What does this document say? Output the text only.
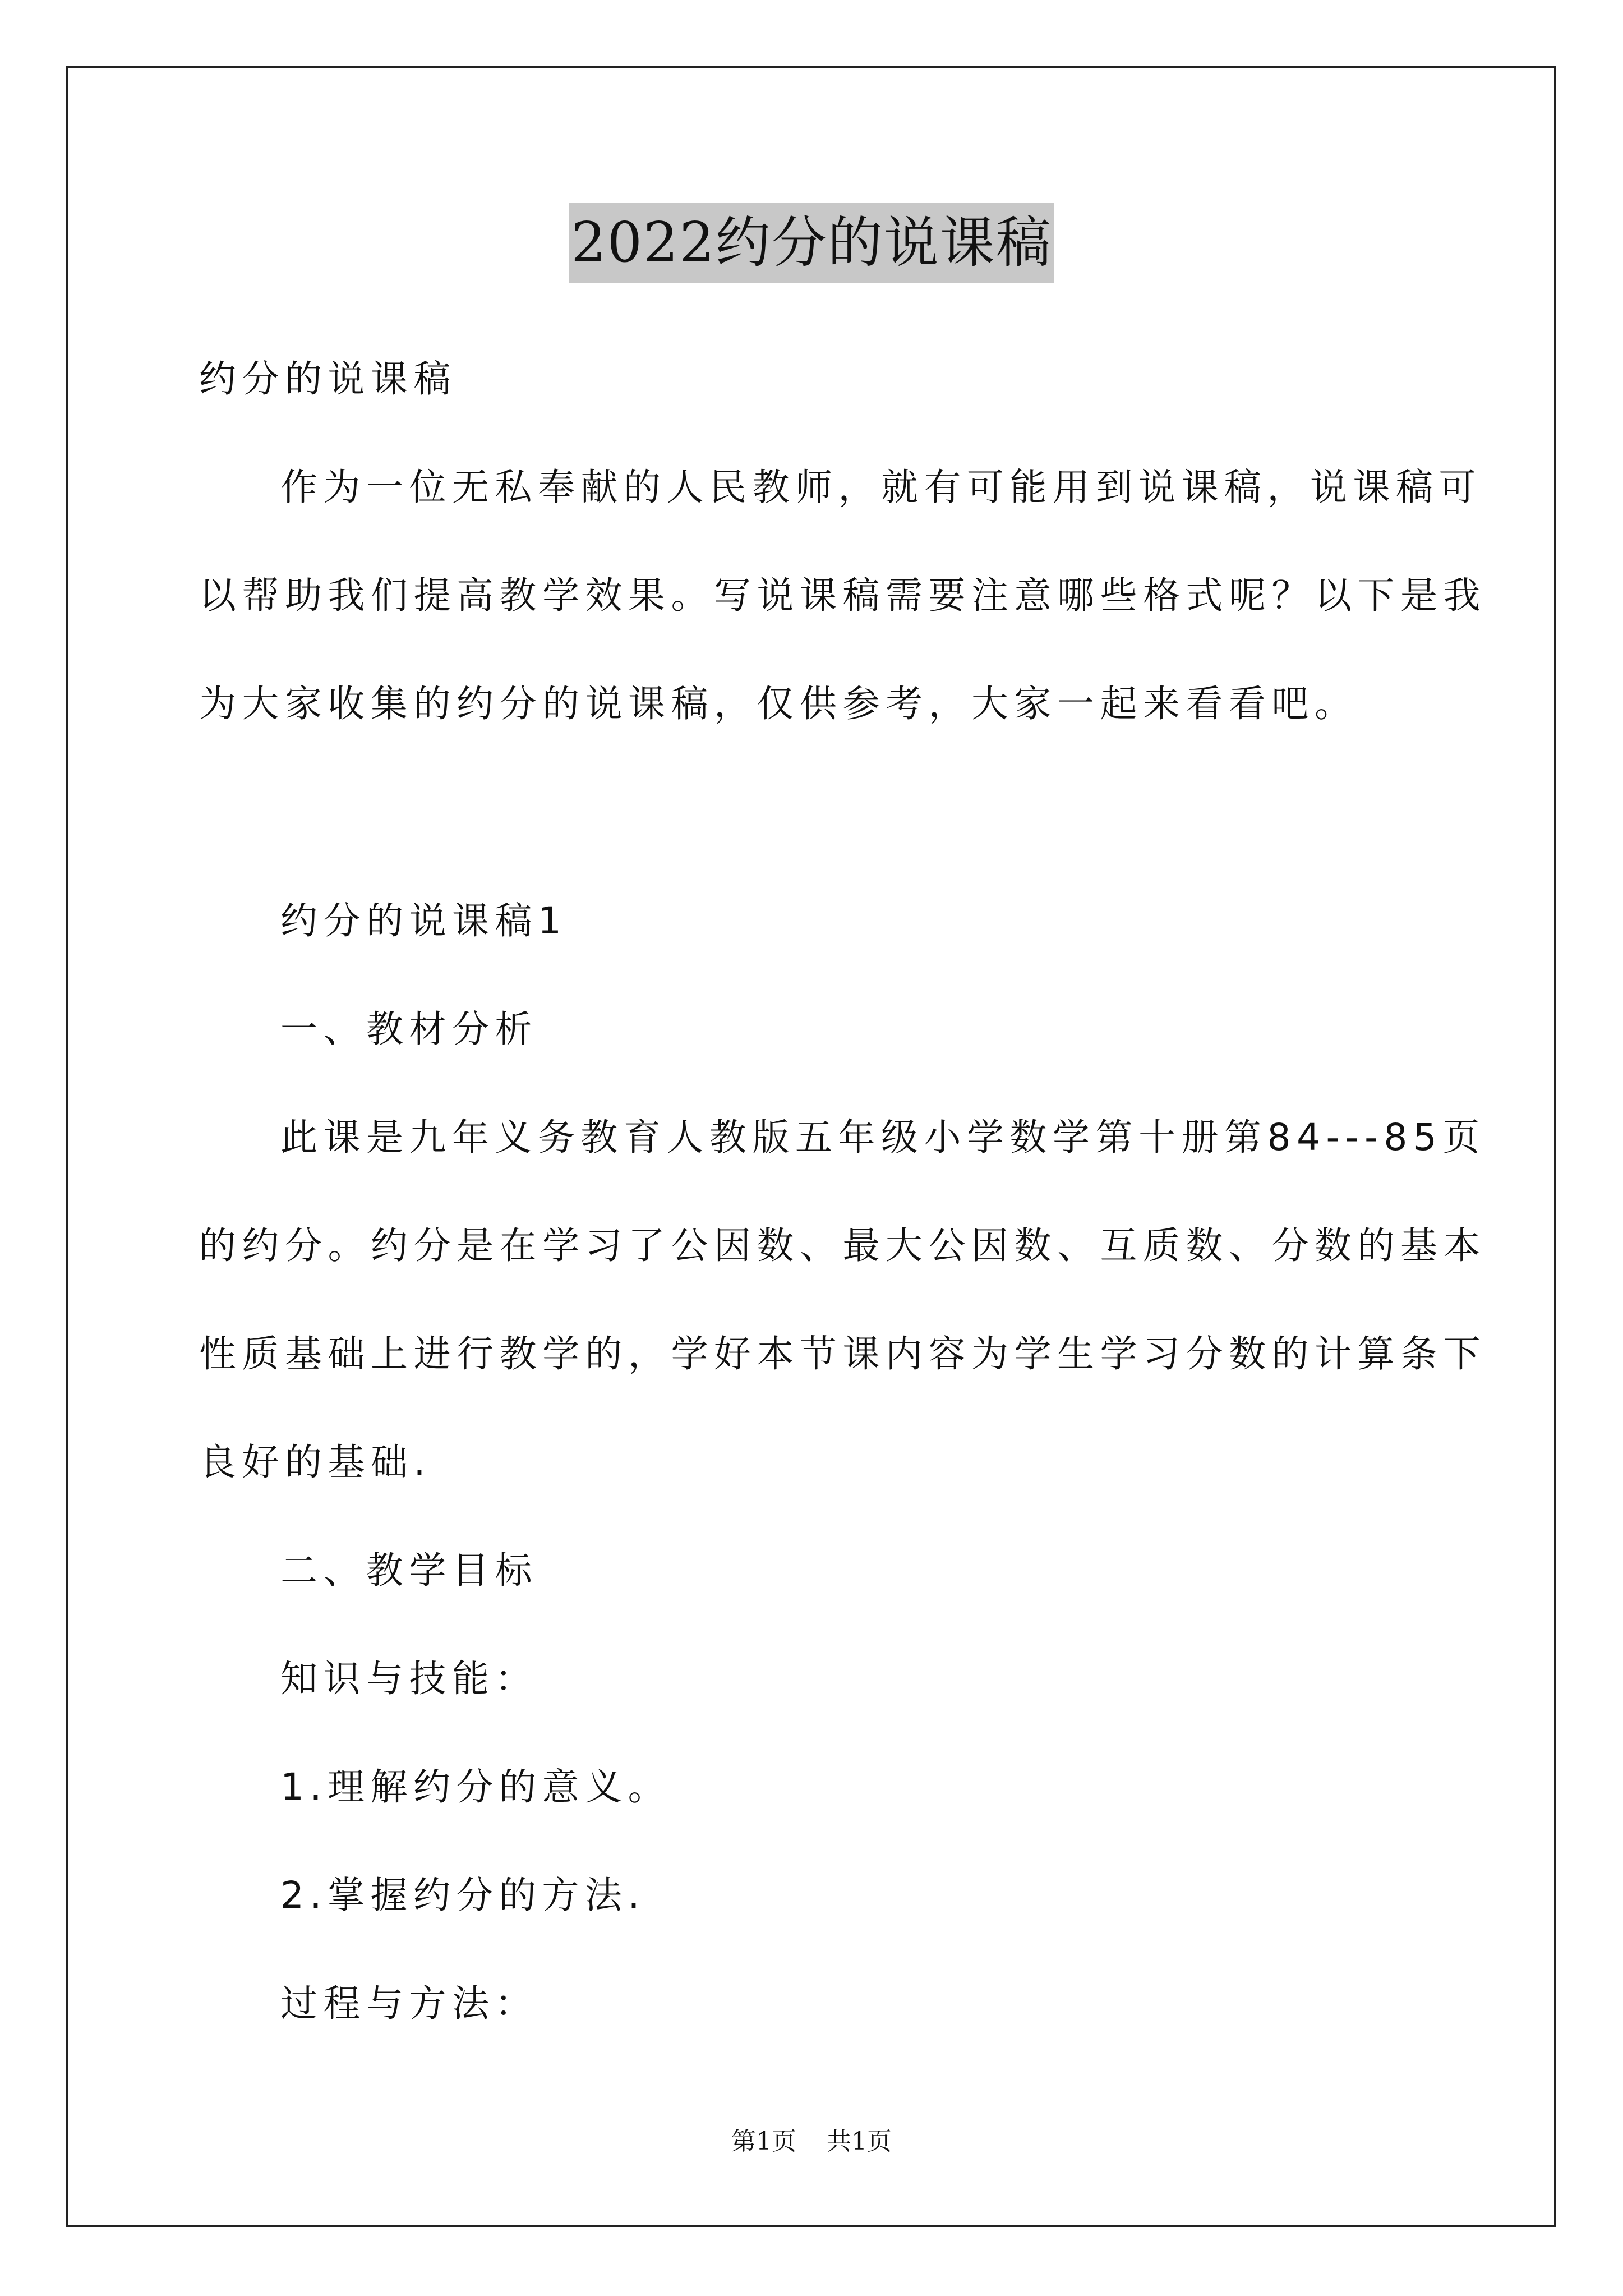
2022约分的说课稿
约分的说课稿
作为一位无私奉献的人民教师，就有可能用到说课稿，说课稿可
以帮助我们提高教学效果。写说课稿需要注意哪些格式呢？以下是我
为大家收集的约分的说课稿，仅供参考，大家一起来看看吧。
约分的说课稿1
一、教材分析
此课是九年义务教育人教版五年级小学数学第十册第84---85页
的约分。约分是在学习了公因数、最大公因数、互质数、分数的基本
性质基础上进行教学的，学好本节课内容为学生学习分数的计算条下
良好的基础.
二、教学目标
知识与技能：
1.理解约分的意义。
2.掌握约分的方法.
过程与方法：
第1页 共1页
